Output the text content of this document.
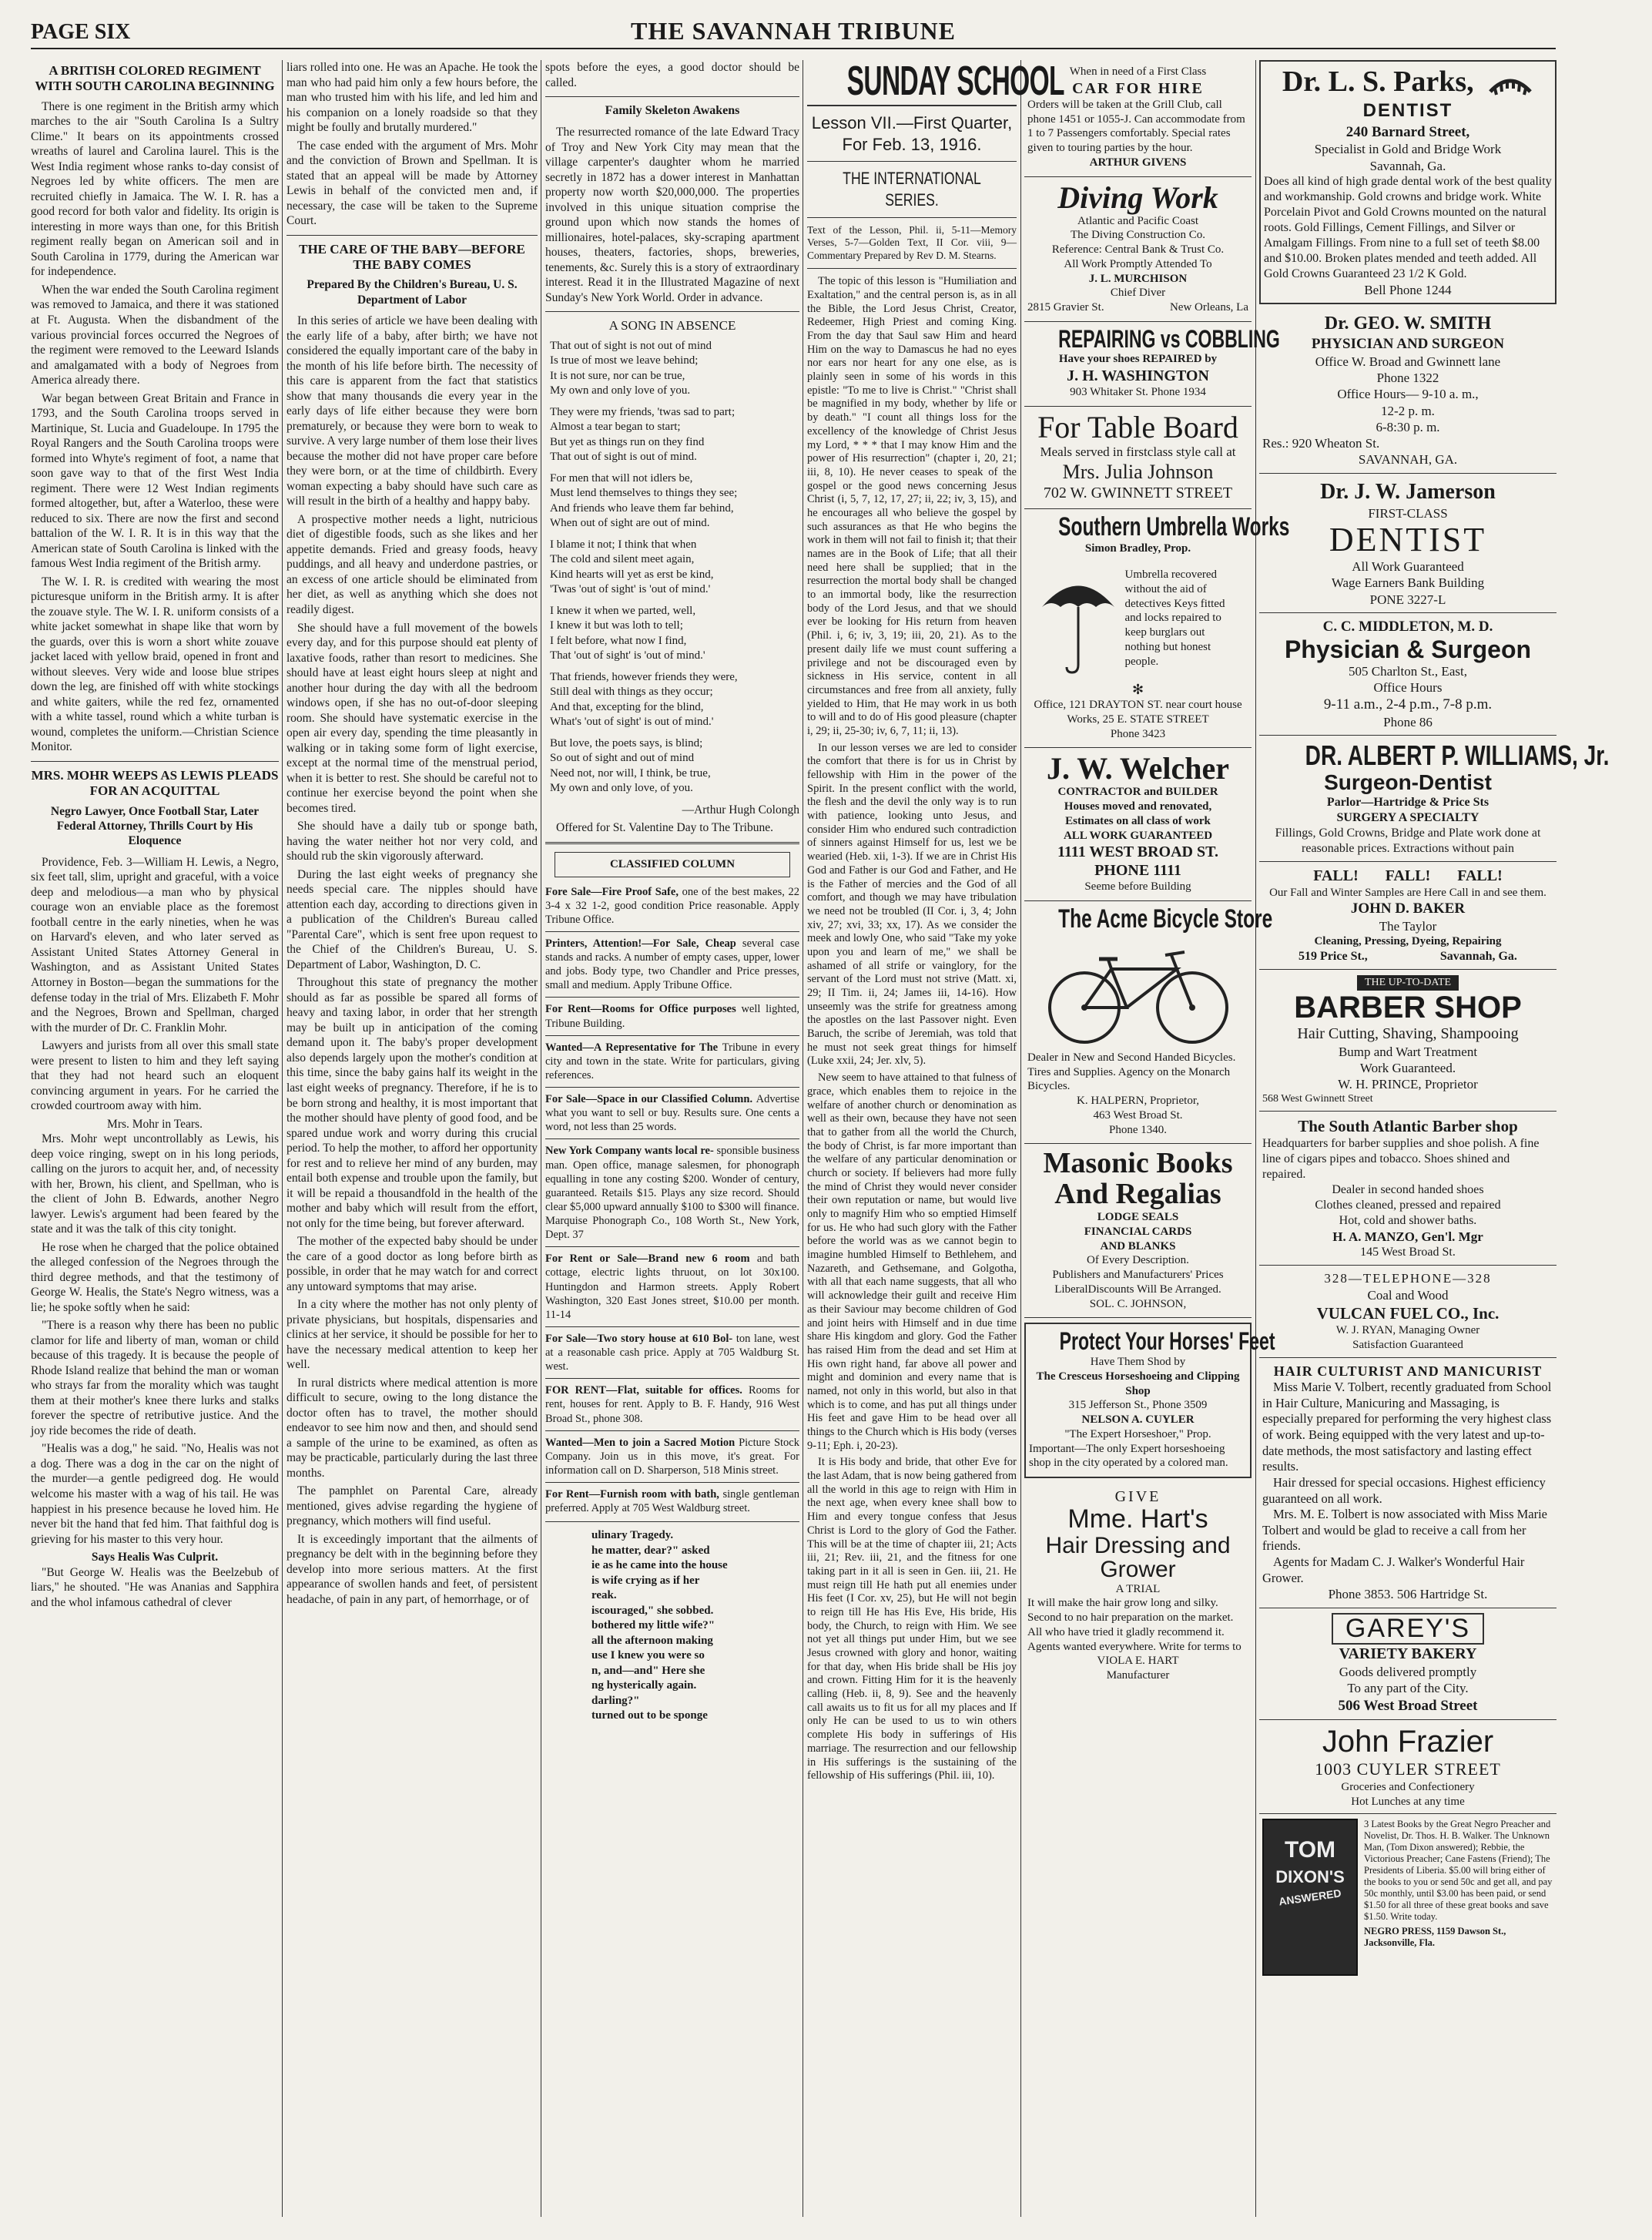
PAGE SIX	THE SAVANNAH TRIBUNE
A BRITISH COLORED REGIMENT WITH SOUTH CAROLINA BEGINNING

There is one regiment in the British army which marches to the air "South Carolina Is a Sultry Clime." It bears on its appointments crossed wreaths of laurel and Carolina laurel. This is the West India regiment whose ranks to-day consist of Negroes led by white officers. The men are recruited chiefly in Jamaica. The W. I. R. has a good record for both valor and fidelity. Its origin is interesting in more ways than one, for this British regiment really began on American soil and in South Carolina in 1779, during the American war for independence.

When the war ended the South Carolina regiment was removed to Jamaica, and there it was stationed at Ft. Augusta. When the disbandment of the various provincial forces occurred the Negroes of the regiment were removed to the Leeward Islands and amalgamated with a body of Negroes from America already there.

War began between Great Britain and France in 1793, and the South Carolina troops served in Martinique, St. Lucia and Guadeloupe. In 1795 the Royal Rangers and the South Carolina troops were formed into Whyte's regiment of foot, a name that soon gave way to that of the first West India regiment. There were 12 West Indian regiments formed altogether, but, after a Waterloo, these were reduced to six. There are now the first and second battalion of the W. I. R. It is in this way that the American state of South Carolina is linked with the famous West India regiment of the British army.

The W. I. R. is credited with wearing the most picturesque uniform in the British army. It is after the zouave style. The W. I. R. uniform consists of a white jacket somewhat in shape like that worn by the guards, over this is worn a short white zouave jacket laced with yellow braid, opened in front and without sleeves. Very wide and loose blue stripes down the leg, are finished off with white stockings and white gaiters, while the red fez, ornamented with a white tassel, round which a white turban is wound, completes the uniform.—Christian Science Monitor.

MRS. MOHR WEEPS AS LEWIS PLEADS FOR AN ACQUITTAL
Negro Lawyer, Once Football Star, Later Federal Attorney, Thrills Court by His Eloquence

Providence, Feb. 3—William H. Lewis, a Negro, six feet tall, slim, upright and graceful, with a voice deep and melodious—a man who by physical courage won an enviable place as the foremost football centre in the early nineties, when he was on Harvard's eleven, and who later served as Assistant United States Attorney General in Washington, and as Assistant United States Attorney in Boston—began the summations for the defense today in the trial of Mrs. Elizabeth F. Mohr and the Negroes, Brown and Spellman, charged with the murder of Dr. C. Franklin Mohr.

Lawyers and jurists from all over this small state were present to listen to him and they left saying that they had not heard such an eloquent convincing argument in years. For he carried the crowded courtroom away with him.

Mrs. Mohr in Tears.

Mrs. Mohr wept uncontrollably as Lewis, his deep voice ringing, swept on in his long periods, calling on the jurors to acquit her, and, of necessity with her, Brown, his client, and Spellman, who is the client of John B. Edwards, another Negro lawyer. Lewis's argument had been feared by the state and it was the talk of this city tonight.

He rose when he charged that the police obtained the alleged confession of the Negroes through the third degree methods, and that the testimony of George W. Healis, the State's Negro witness, was a lie; he spoke softly when he said:

"There is a reason why there has been no public clamor for life and liberty of man, woman or child because of this tragedy. It is because the people of Rhode Island realize that behind the man or woman who strays far from the morality which was taught them at their mother's knee there lurks and stalks forever the spectre of retributive justice. And the joy ride becomes the ride of death.

"Healis was a dog," he said. "No, Healis was not a dog. There was a dog in the car on the night of the murder—a gentle pedigreed dog. He would welcome his master with a wag of his tail. He was happiest in his presence because he loved him. He never bit the hand that fed him. That faithful dog is grieving for his master to this very hour.

Says Healis Was Culprit.

"But George W. Healis was the Beelzebub of liars," he shouted. "He was Ananias and Sapphira and the whol infamous cathedral of clever

liars rolled into one. He was an Apache. He took the man who had paid him only a few hours before, the man who trusted him with his life, and led him and his companion on a lonely roadside so that they might be foully and brutally murdered."

The case ended with the argument of Mrs. Mohr and the conviction of Brown and Spellman. It is stated that an appeal will be made by Attorney Lewis in behalf of the convicted men and, if necessary, the case will be taken to the Supreme Court.

THE CARE OF THE BABY—BEFORE THE BABY COMES
Prepared By the Children's Bureau, U. S. Department of Labor

In this series of article we have been dealing with the early life of a baby, after birth; we have not considered the equally important care of the baby in the month of his life before birth. The necessity of this care is apparent from the fact that statistics show that many thousands die every year in the early days of life either because they were born prematurely, or because they were born to weak to survive. A very large number of them lose their lives because the mother did not have proper care before they were born, or at the time of childbirth. Every woman expecting a baby should have such care as will result in the birth of a healthy and happy baby.

A prospective mother needs a light, nutricious diet of digestible foods, such as she likes and her appetite demands. Fried and greasy foods, heavy puddings, and all heavy and underdone pastries, or an excess of one article should be eliminated from her diet, as well as anything which she does not readily digest.

She should have a full movement of the bowels every day, and for this purpose should eat plenty of laxative foods, rather than resort to medicines. She should have at least eight hours sleep at night and another hour during the day with all the bedroom windows open, if she has no out-of-door sleeping room. She should have systematic exercise in the open air every day, spending the time pleasantly in walking or in taking some form of light exercise, except at the normal time of the menstrual period, when it is better to rest. She should be careful not to continue her exercise beyond the point when she becomes tired.

She should have a daily tub or sponge bath, having the water neither hot nor very cold, and should rub the skin vigorously afterward.

During the last eight weeks of pregnancy she needs special care. The nipples should have attention each day, according to directions given in a publication of the Children's Bureau called "Parental Care", which is sent free upon request to the Chief of the Children's Bureau, U. S. Department of Labor, Washington, D. C.

Throughout this state of pregnancy the mother should as far as possible be spared all forms of heavy and taxing labor, in order that her strength may be built up in anticipation of the coming demand upon it. The baby's proper development also depends largely upon the mother's condition at this time, since the baby gains half its weight in the last eight weeks of pregnancy. Therefore, if he is to be born strong and healthy, it is most important that the mother should have plenty of good food, and be spared undue work and worry during this crucial period. To help the mother, to afford her opportunity for rest and to relieve her mind of any burden, may entail both expense and trouble upon the family, but it will be repaid a thousandfold in the health of the mother and baby which will result from the effort, not only for the time being, but forever afterward.

The mother of the expected baby should be under the care of a good doctor as long before birth as possible, in order that he may watch for and correct any untoward symptoms that may arise.

In a city where the mother has not only plenty of private physicians, but hospitals, dispensaries and clinics at her service, it should be possible for her to have the necessary medical attention to keep her well.

In rural districts where medical attention is more difficult to secure, owing to the long distance the doctor often has to travel, the mother should endeavor to see him now and then, and should send a sample of the urine to be examined, as often as may be practicable, particularly during the last three months.

The pamphlet on Parental Care, already mentioned, gives advise regarding the hygiene of pregnancy, which mothers will find useful.

It is exceedingly important that the ailments of pregnancy be delt with in the beginning before they develop into more serious matters. At the first appearance of swollen hands and feet, of persistent headache, of pain in any part, of hemorrhage, or of

spots before the eyes, a good doctor should be called.

Family Skeleton Awakens

The resurrected romance of the late Edward Tracy of Troy and New York City may mean that the village carpenter's daughter whom he married secretly in 1872 has a dower interest in Manhattan property now worth $20,000,000. The properties involved in this unique situation comprise the ground upon which now stands the homes of millionaires, hotel-palaces, sky-scraping apartment houses, theaters, factories, shops, breweries, tenements, &c. Surely this is a story of extraordinary interest. Read it in the Illustrated Magazine of next Sunday's New York World. Order in advance.

A SONG IN ABSENCE
That out of sight is not out of mind
Is true of most we leave behind;
It is not sure, nor can be true,
My own and only love of you.
They were my friends, 'twas sad to part;
Almost a tear began to start;
But yet as things run on they find
That out of sight is out of mind.
For men that will not idlers be,
Must lend themselves to things they see;
And friends who leave them far behind,
When out of sight are out of mind.
I blame it not; I think that when
The cold and silent meet again,
Kind hearts will yet as erst be kind,
'Twas 'out of sight' is 'out of mind.'
I knew it when we parted, well,
I knew it but was loth to tell;
I felt before, what now I find,
That 'out of sight' is 'out of mind.'
That friends, however friends they were,
Still deal with things as they occur;
And that, excepting for the blind,
What's 'out of sight' is out of mind.'
But love, the poets says, is blind;
So out of sight and out of mind
Need not, nor will, I think, be true,
My own and only love, of you.
—Arthur Hugh Colongh

Offered for St. Valentine Day to The Tribune.

CLASSIFIED COLUMN
Fore Sale—Fire Proof Safe, one of the best makes, 22 3-4 x 32 1-2, good condition Price reasonable. Apply Tribune Office.
Printers, Attention!—For Sale, Cheap several case stands and racks. A number of empty cases, upper, lower and jobs. Body type, two Chandler and Price presses, small and medium. Apply Tribune Office.
For Rent—Rooms for Office purposes well lighted, Tribune Building.
Wanted—A Representative for The Tribune in every city and town in the state. Write for particulars, giving references.
For Sale—Space in our Classified Column. Advertise what you want to sell or buy. Results sure. One cents a word, not less than 25 words.
New York Company wants local re- sponsible business man. Open office, manage salesmen, for phonograph equalling in tone any costing $200. Wonder of century, guaranteed. Retails $15. Plays any size record. Should clear $5,000 upward annually $100 to $300 will finance. Marquise Phonograph Co., 108 Worth St., New York, Dept. 37
For Rent or Sale—Brand new 6 room and bath cottage, electric lights thruout, on lot 30x100. Huntingdon and Harmon streets. Apply Robert Washington, 320 East Jones street, $10.00 per month. 11-14
For Sale—Two story house at 610 Bol- ton lane, west at a reasonable cash price. Apply at 705 Waldburg St. west.
FOR RENT—Flat, suitable for offices. Rooms for rent, houses for rent. Apply to B. F. Handy, 916 West Broad St., phone 308.
Wanted—Men to join a Sacred Motion Picture Stock Company. Join us in this move, it's great. For information call on D. Sharperson, 518 Minis street.
For Rent—Furnish room with bath, single gentleman preferred. Apply at 705 West Waldburg street.
ulinary Tragedy.
he matter, dear?" asked
ie as he came into the house
is wife crying as if her
reak.
iscouraged," she sobbed.
bothered my little wife?"
all the afternoon making
use I knew you were so
n, and—and" Here she
ng hysterically again.
darling?"
turned out to be sponge
SUNDAY SCHOOL
Lesson VII.—First Quarter, For Feb. 13, 1916.
THE INTERNATIONAL SERIES.
Text of the Lesson, Phil. ii, 5-11—Memory Verses, 5-7—Golden Text, II Cor. viii, 9—Commentary Prepared by Rev D. M. Stearns.

The topic of this lesson is "Humiliation and Exaltation," and the central person is, as in all the Bible, the Lord Jesus Christ, Creator, Redeemer, High Priest and coming King. From the day that Saul saw Him and heard Him on the way to Damascus he had no eyes nor ears nor heart for any one else, as is plainly seen in some of his words in this epistle: "To me to live is Christ." "Christ shall be magnified in my body, whether by life or by death." "I count all things loss for the excellency of the knowledge of Christ Jesus my Lord, * * * that I may know Him and the power of His resurrection" (chapter i, 20, 21; iii, 8, 10). He never ceases to speak of the gospel or the good news concerning Jesus Christ (i, 5, 7, 12, 17, 27; ii, 22; iv, 3, 15), and he encourages all who believe the gospel by such assurances as that He who begins the work in them will not fail to finish it; that their names are in the Book of Life; that all their need here shall be supplied; that in the resurrection the mortal body shall be changed to an immortal body, like the resurrection body of the Lord Jesus, and that we should ever be looking for His return from heaven (Phil. i, 6; iv, 3, 19; iii, 20, 21). As to the present daily life we must count suffering a privilege and not be discouraged even by sickness in His service, content in all circumstances and free from all anxiety, fully yielded to Him, that He may work in us both to will and to do of His good pleasure (chapter i, 29; ii, 25-30; iv, 6, 7, 11; ii, 13).

In our lesson verses we are led to consider the comfort that there is for us in Christ by fellowship with Him in the power of the Spirit. In the present conflict with the world, the flesh and the devil the only way is to run with patience, looking unto Jesus, and consider Him who endured such contradiction of sinners against Himself for us, lest we be wearied (Heb. xii, 1-3). If we are in Christ His God and Father is our God and Father, and He is the Father of mercies and the God of all comfort, and though we may have tribulation we need not be troubled (II Cor. i, 3, 4; John xiv, 27; xvi, 33; xx, 17). As we consider the meek and lowly One, who said "Take my yoke upon you and learn of me," we shall be ashamed of all strife or vainglory, for the servant of the Lord must not strive (Matt. xi, 29; II Tim. ii, 24; James iii, 14-16). How unseemly was the strife for greatness among the apostles on the last Passover night. Even Baruch, the scribe of Jeremiah, was told that he must not seek great things for himself (Luke xxii, 24; Jer. xlv, 5).

New seem to have attained to that fulness of grace, which enables them to rejoice in the welfare of another church or denomination as well as their own, because they have not seen that to gather from all the world the Church, the body of Christ, is far more important than the welfare of any particular denomination or church or society. If believers had more fully the mind of Christ they would never consider their own reputation or name, but would live only to magnify Him who so emptied Himself for us. He who had such glory with the Father before the world was as we cannot begin to imagine humbled Himself to Bethlehem, and Nazareth, and Gethsemane, and Golgotha, with all that each name suggests, that all who will acknowledge their guilt and receive Him as their Saviour may become children of God and joint heirs with Himself and in due time share His kingdom and glory. God the Father has raised Him from the dead and set Him at His own right hand, far above all power and might and dominion and every name that is named, not only in this world, but also in that which is to come, and has put all things under His feet and gave Him to be head over all things to the Church which is His body (verses 9-11; Eph. i, 20-23).

It is His body and bride, that other Eve for the last Adam, that is now being gathered from all the world in this age to reign with Him in the next age, when every knee shall bow to Him and every tongue confess that Jesus Christ is Lord to the glory of God the Father. This will be at the time of chapter iii, 21; Acts iii, 21; Rev. iii, 21, and the fitness for one taking part in it all is seen in Gen. iii, 21. He must reign till He hath put all enemies under His feet (I Cor. xv, 25), but He will not begin to reign till He has His Eve, His bride, His body, the Church, to reign with Him. We see not yet all things put under Him, but we see Jesus crowned with glory and honor, waiting for that day, when His bride shall be His joy and crown. Fitting Him for it is the heavenly calling (Heb. ii, 8, 9). See and the heavenly call awaits us to fit us for all my places and If only He can be used to us to win others complete His body in sufferings of His marriage. The resurrection and our fellowship in His sufferings is the sustaining of the fellowship of His sufferings (Phil. iii, 10).

When in need of a First Class
CAR FOR HIRE
Orders will be taken at the Grill Club, call phone 1451 or 1055-J. Can accommodate from 1 to 7 Passengers comfortably. Special rates given to touring parties by the hour.
ARTHUR GIVENS
Diving Work
Atlantic and Pacific Coast
The Diving Construction Co.
Reference: Central Bank & Trust Co.
All Work Promptly Attended To
J. L. MURCHISON
Chief Diver
2815 Gravier St.	New Orleans, La
REPAIRING vs COBBLING
Have your shoes REPAIRED by
J. H. WASHINGTON
903 Whitaker St. Phone 1934
For Table Board
Meals served in firstclass style call at
Mrs. Julia Johnson
702 W. GWINNETT STREET
Southern Umbrella Works
Simon Bradley, Prop.
Umbrella recovered without the aid of detectives Keys fitted and locks repaired to keep burglars out nothing but honest people.
✻
Office, 121 DRAYTON ST. near court house
Works, 25 E. STATE STREET
Phone 3423
J. W. Welcher
CONTRACTOR and BUILDER
Houses moved and renovated,
Estimates on all class of work
ALL WORK GUARANTEED
1111 WEST BROAD ST.
PHONE 1111
Seeme before Building
The Acme Bicycle Store
Dealer in New and Second Handed Bicycles. Tires and Supplies. Agency on the Monarch Bicycles.
K. HALPERN, Proprietor,
463 West Broad St.
Phone 1340.
Masonic Books
And Regalias
LODGE SEALS
FINANCIAL CARDS
AND BLANKS
Of Every Description.
Publishers and Manufacturers' Prices
LiberalDiscounts Will Be Arranged.
SOL. C. JOHNSON,
Protect Your Horses' Feet
Have Them Shod by
The Cresceus Horseshoeing and Clipping Shop
315 Jefferson St., Phone 3509
NELSON A. CUYLER
"The Expert Horseshoer," Prop.
Important—The only Expert horseshoeing shop in the city operated by a colored man.
GIVE
Mme. Hart's
Hair Dressing and
Grower
A TRIAL
It will make the hair grow long and silky. Second to no hair preparation on the market. All who have tried it gladly recommend it. Agents wanted everywhere. Write for terms to
VIOLA E. HART
Manufacturer
Dr. L. S. Parks,
DENTIST
240 Barnard Street,
Specialist in Gold and Bridge Work
Savannah, Ga.
Does all kind of high grade dental work of the best quality and workmanship. Gold crowns and bridge work. White Porcelain Pivot and Gold Crowns mounted on the natural roots. Gold Fillings, Cement Fillings, and Silver or Amalgam Fillings. From nine to a full set of teeth $8.00 and $10.00. Broken plates mended and teeth added. All Gold Crowns Guaranteed 23 1/2 K Gold.
Bell Phone 1244
Dr. GEO. W. SMITH
PHYSICIAN AND SURGEON
Office W. Broad and Gwinnett lane
Phone 1322
Office Hours— 9-10 a. m.,
12-2 p. m.
6-8:30 p. m.
Res.: 920 Wheaton St.
SAVANNAH, GA.
Dr. J. W. Jamerson
FIRST-CLASS
DENTIST
All Work Guaranteed
Wage Earners Bank Building
PONE 3227-L
C. C. MIDDLETON, M. D.
Physician & Surgeon
505 Charlton St., East,
Office Hours
9-11 a.m., 2-4 p.m., 7-8 p.m.
Phone 86
DR. ALBERT P. WILLIAMS, Jr.
Surgeon-Dentist
Parlor—Hartridge & Price Sts
SURGERY A SPECIALTY
Fillings, Gold Crowns, Bridge and Plate work done at reasonable prices. Extractions without pain
FALL! FALL! FALL!
Our Fall and Winter Samples are Here Call in and see them.
JOHN D. BAKER
The Taylor
Cleaning, Pressing, Dyeing, Repairing
519 Price St.,	Savannah, Ga.
THE UP-TO-DATE
BARBER SHOP
Hair Cutting, Shaving, Shampooing
Bump and Wart Treatment
Work Guaranteed.
W. H. PRINCE, Proprietor
568 West Gwinnett Street
The South Atlantic Barber shop
Headquarters for barber supplies and shoe polish. A fine line of cigars pipes and tobacco. Shoes shined and repaired.
Dealer in second handed shoes
Clothes cleaned, pressed and repaired
Hot, cold and shower baths.
H. A. MANZO, Gen'l. Mgr
145 West Broad St.
328—TELEPHONE—328
Coal and Wood
VULCAN FUEL CO., Inc.
W. J. RYAN, Managing Owner
Satisfaction Guaranteed
HAIR CULTURIST AND MANICURIST
Miss Marie V. Tolbert, recently graduated from School in Hair Culture, Manicuring and Massaging, is especially prepared for performing the very highest class of work. Being equipped with the very latest and up-to-date methods, the most satisfactory and lasting effect results.
Hair dressed for special occasions. Highest efficiency guaranteed on all work.
Mrs. M. E. Tolbert is now associated with Miss Marie Tolbert and would be glad to receive a call from her friends.
Agents for Madam C. J. Walker's Wonderful Hair Grower.
Phone 3853. 506 Hartridge St.
GAREY'S
VARIETY BAKERY
Goods delivered promptly
To any part of the City.
506 West Broad Street
John Frazier
1003 CUYLER STREET
Groceries and Confectionery
Hot Lunches at any time
TOM
DIXON'S
ANSWERED
3 Latest Books by the Great Negro Preacher and Novelist, Dr. Thos. H. B. Walker. The Unknown Man, (Tom Dixon answered); Rebbie, the Victorious Preacher; Cane Fastens (Friend); The Presidents of Liberia. $5.00 will bring either of the books to you or send 50c and get all, and pay 50c monthly, until $3.00 has been paid, or send $1.50 for all three of these great books and save $1.50. Write today.
NEGRO PRESS, 1159 Dawson St., Jacksonville, Fla.
